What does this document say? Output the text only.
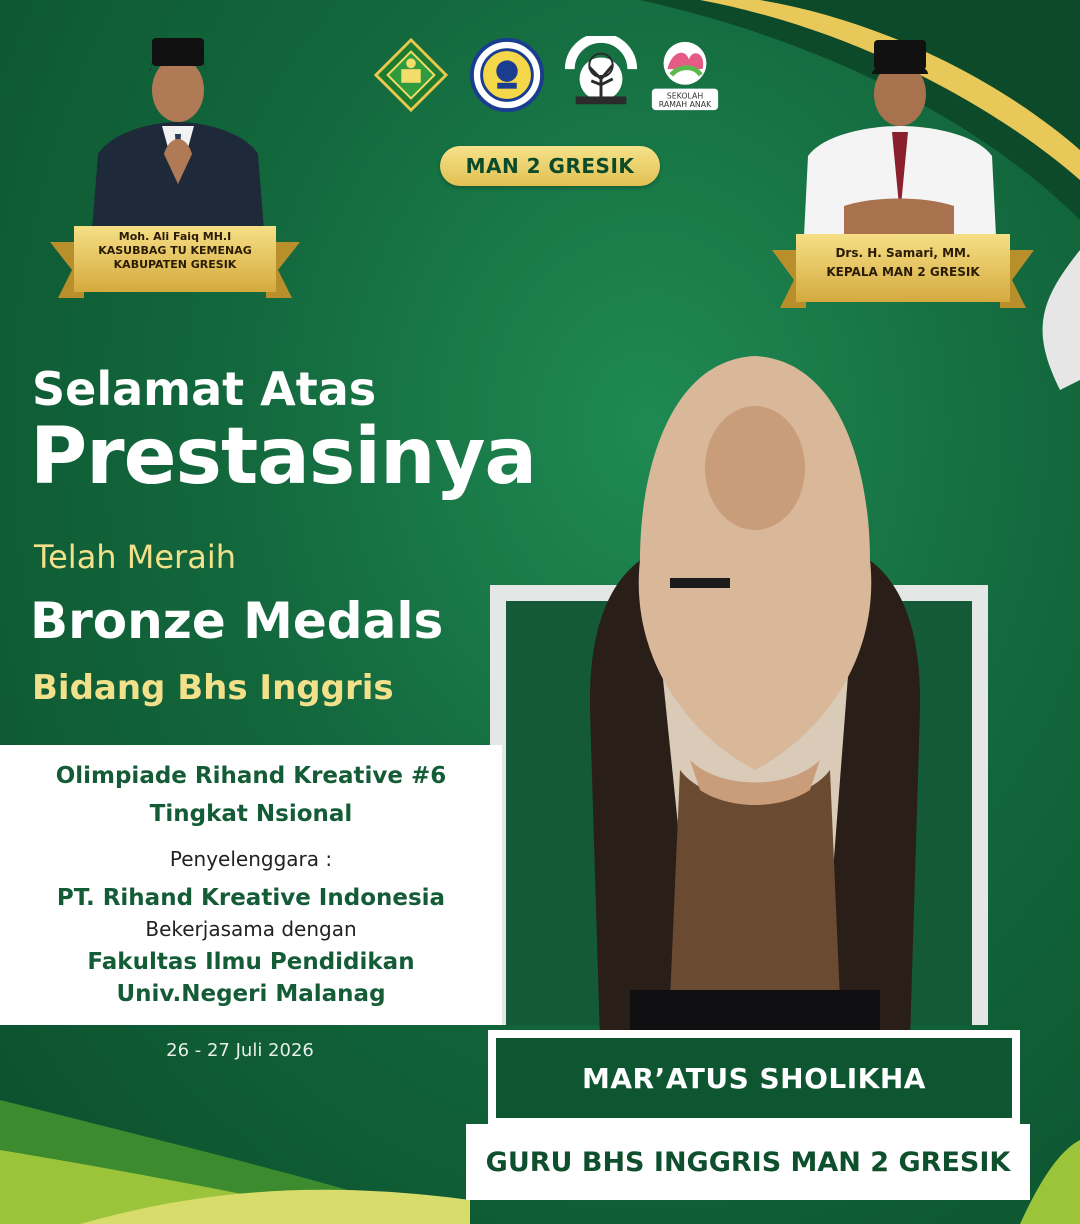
SEKOLAH
RAMAH ANAK
MAN 2 GRESIK
Moh. Ali Faiq MH.I
KASUBBAG TU KEMENAG
KABUPATEN GRESIK
Drs. H. Samari, MM.
KEPALA MAN 2 GRESIK
Selamat Atas
Prestasinya
Telah Meraih
Bronze Medals
Bidang Bhs Inggris
Olimpiade Rihand Kreative #6
Tingkat Nsional
Penyelenggara :
PT. Rihand Kreative Indonesia
Bekerjasama dengan
Fakultas Ilmu Pendidikan
Univ.Negeri Malanag
26 - 27 Juli 2026
MAR’ATUS SHOLIKHA
GURU BHS INGGRIS MAN 2 GRESIK
